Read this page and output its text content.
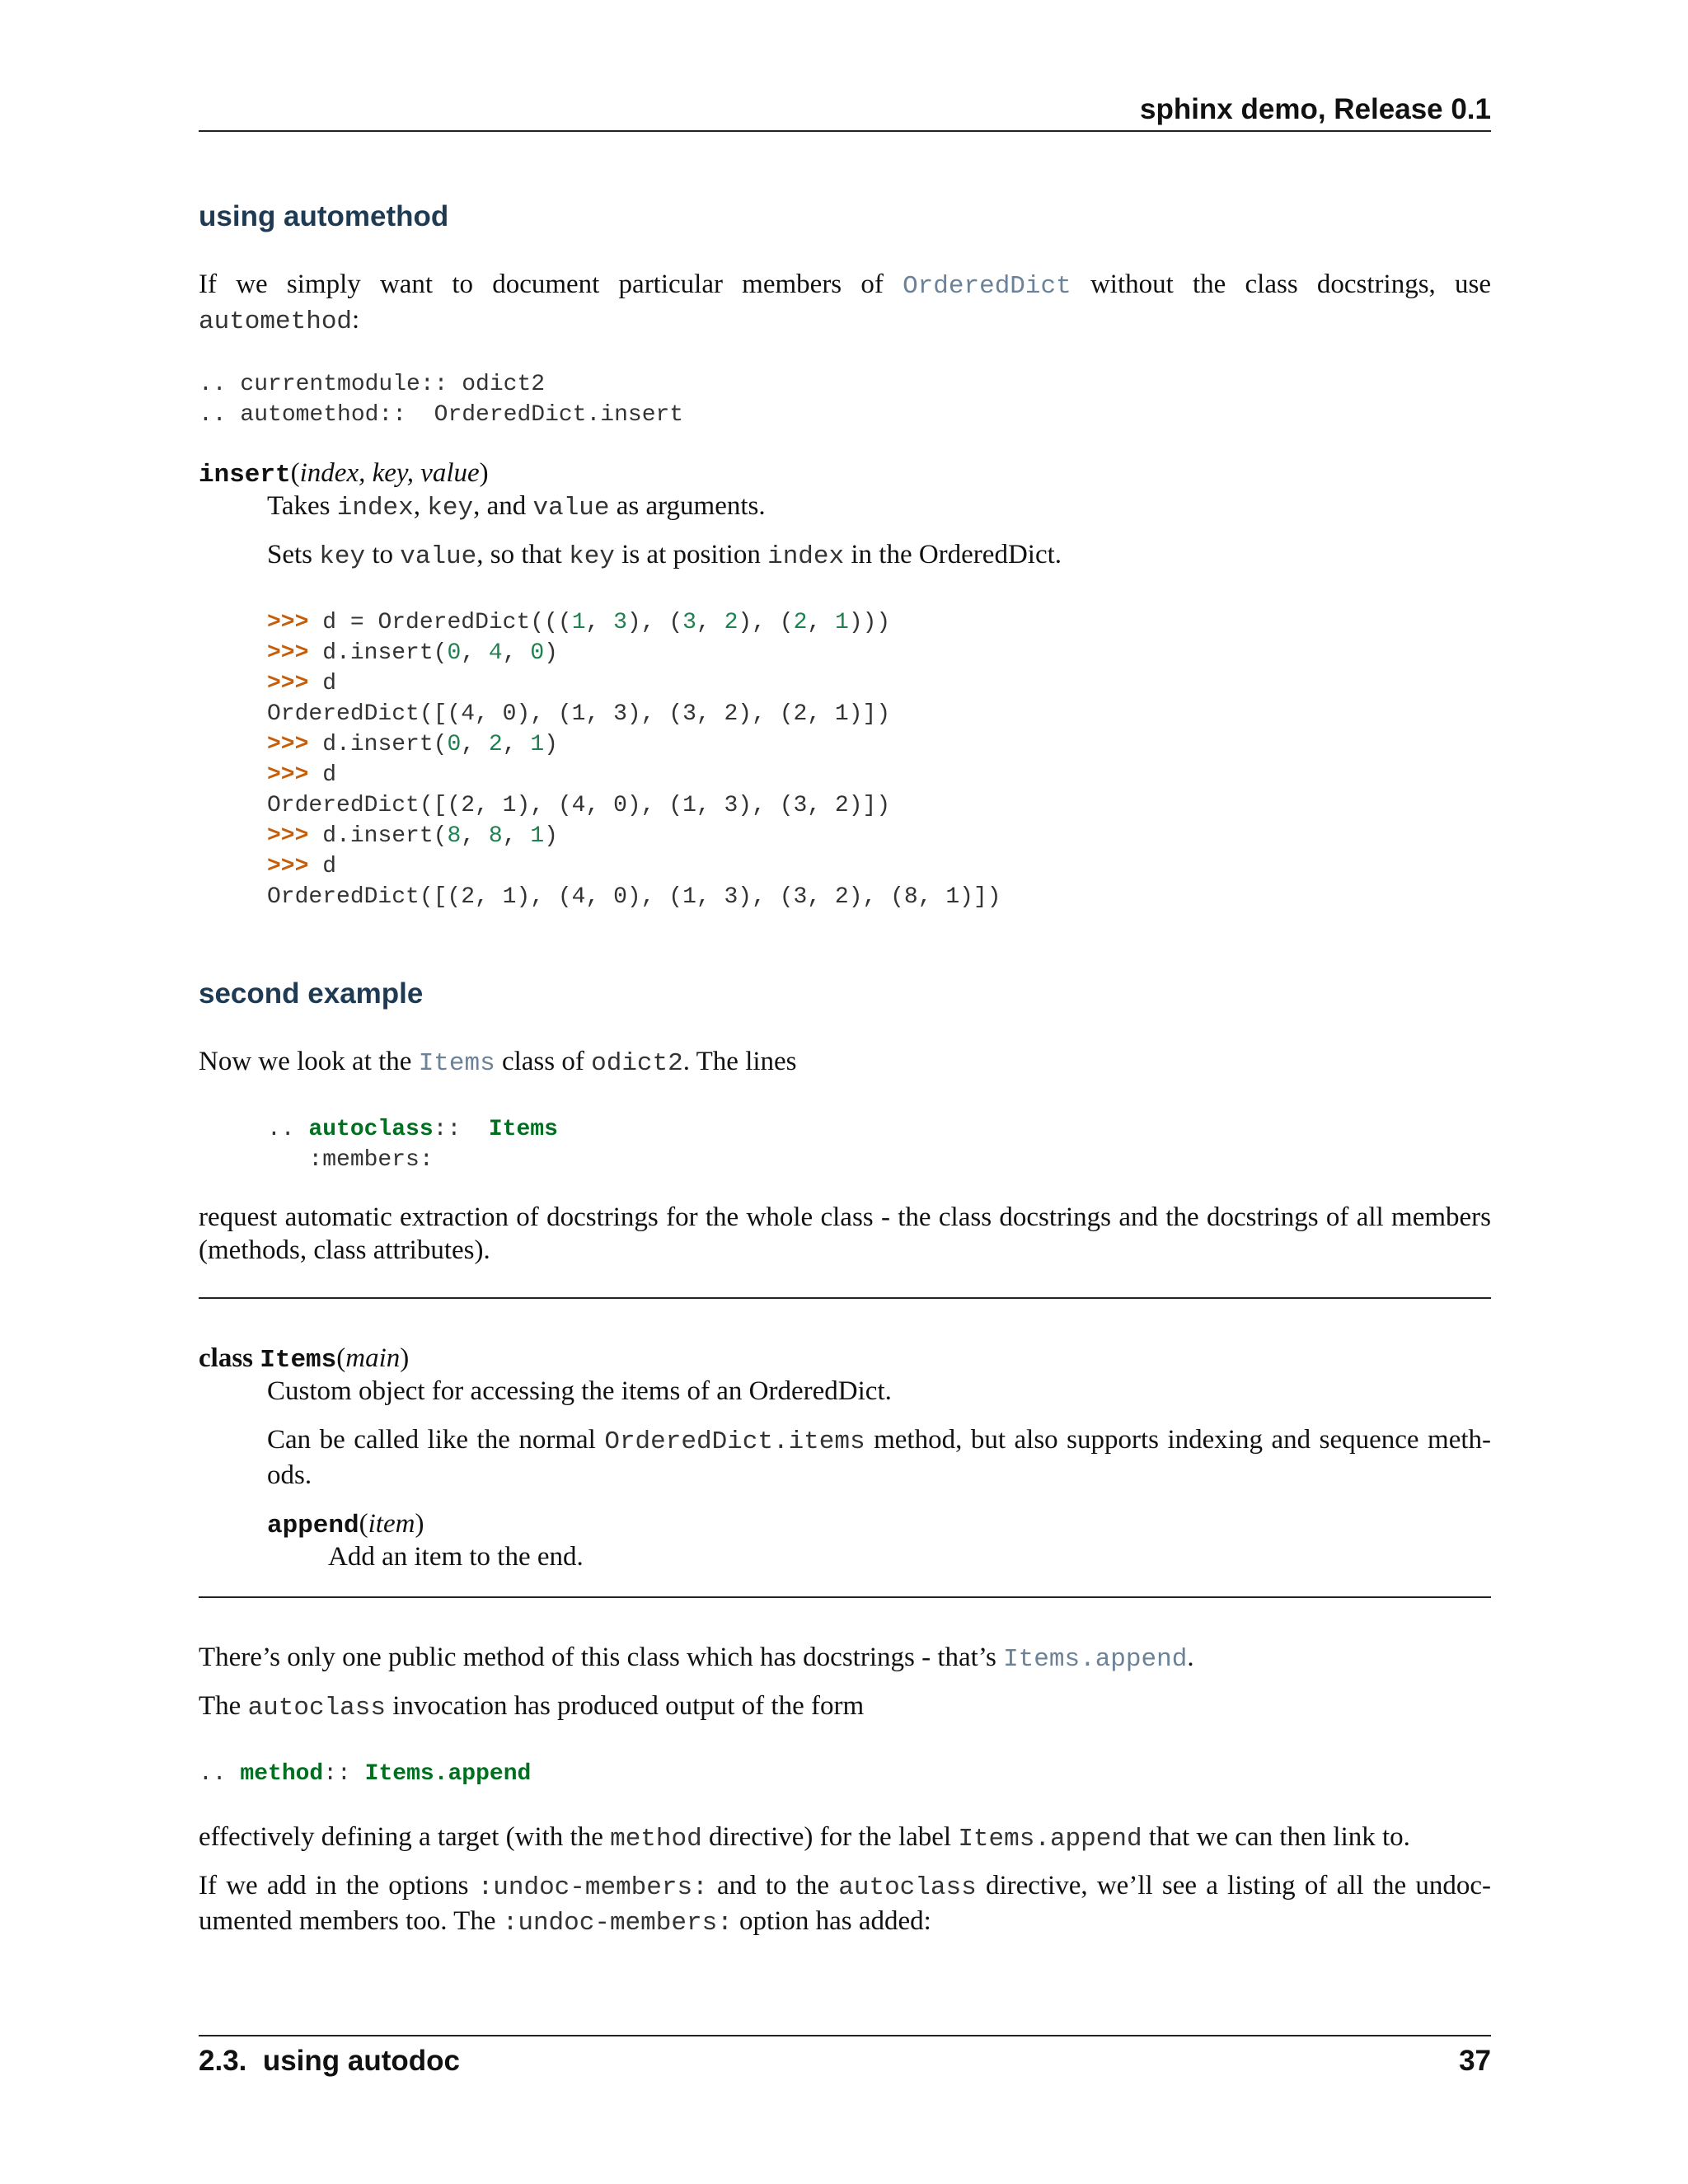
sphinx demo, Release 0.1
using automethod
If we simply want to document particular members of OrderedDict without the class docstrings, use
automethod:
.. currentmodule:: odict2
.. automethod::  OrderedDict.insert
insert(index, key, value)
Takes index, key, and value as arguments.
Sets key to value, so that key is at position index in the OrderedDict.
>>> d = OrderedDict(((1, 3), (3, 2), (2, 1)))
>>> d.insert(0, 4, 0)
>>> d
OrderedDict([(4, 0), (1, 3), (3, 2), (2, 1)])
>>> d.insert(0, 2, 1)
>>> d
OrderedDict([(2, 1), (4, 0), (1, 3), (3, 2)])
>>> d.insert(8, 8, 1)
>>> d
OrderedDict([(2, 1), (4, 0), (1, 3), (3, 2), (8, 1)])
second example
Now we look at the Items class of odict2. The lines
.. autoclass:: Items
:members:
request automatic extraction of docstrings for the whole class - the class docstrings and the docstrings of all members (methods, class attributes).
class Items(main)
Custom object for accessing the items of an OrderedDict.
Can be called like the normal OrderedDict.items method, but also supports indexing and sequence meth-
ods.
append(item)
Add an item to the end.
There’s only one public method of this class which has docstrings - that’s Items.append.
The autoclass invocation has produced output of the form
.. method:: Items.append
effectively defining a target (with the method directive) for the label Items.append that we can then link to.
If we add in the options :undoc-members: and to the autoclass directive, we’ll see a listing of all the undoc-
umented members too. The :undoc-members: option has added:
2.3.  using autodoc	37
